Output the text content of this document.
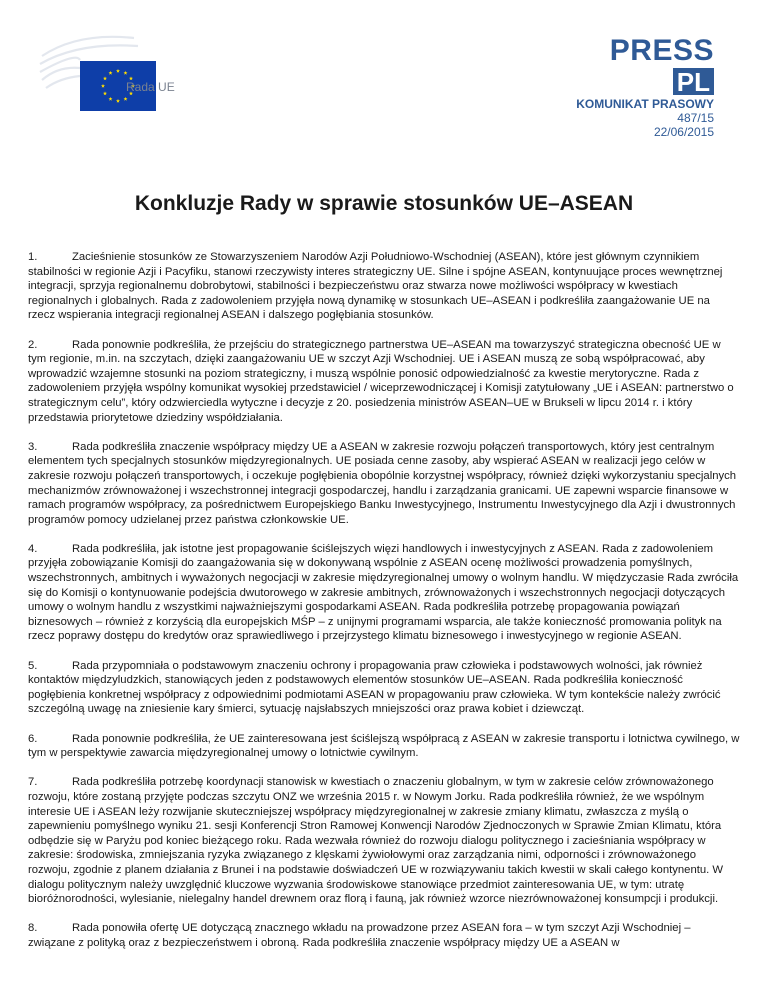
Rada UE
PRESS
PL
KOMUNIKAT PRASOWY
487/15
22/06/2015
Konkluzje Rady w sprawie stosunków UE–ASEAN

1.	Zacieśnienie stosunków ze Stowarzyszeniem Narodów Azji Południowo-Wschodniej (ASEAN), które jest głównym czynnikiem stabilności w regionie Azji i Pacyfiku, stanowi rzeczywisty interes strategiczny UE. Silne i spójne ASEAN, kontynuujące proces wewnętrznej integracji, sprzyja regionalnemu dobrobytowi, stabilności i bezpieczeństwu oraz stwarza nowe możliwości współpracy w kwestiach regionalnych i globalnych. Rada z zadowoleniem przyjęła nową dynamikę w stosunkach UE–ASEAN i podkreśliła zaangażowanie UE na rzecz wspierania integracji regionalnej ASEAN i dalszego pogłębiania stosunków.

2.	Rada ponownie podkreśliła, że przejściu do strategicznego partnerstwa UE–ASEAN ma towarzyszyć strategiczna obecność UE w tym regionie, m.in. na szczytach, dzięki zaangażowaniu UE w szczyt Azji Wschodniej. UE i ASEAN muszą ze sobą współpracować, aby wprowadzić wzajemne stosunki na poziom strategiczny, i muszą wspólnie ponosić odpowiedzialność za kwestie merytoryczne. Rada z zadowoleniem przyjęła wspólny komunikat wysokiej przedstawiciel / wiceprzewodniczącej i Komisji zatytułowany „UE i ASEAN: partnerstwo o strategicznym celu”, który odzwierciedla wytyczne i decyzje z 20. posiedzenia ministrów ASEAN–UE w Brukseli w lipcu 2014 r. i który przedstawia priorytetowe dziedziny współdziałania.

3.	Rada podkreśliła znaczenie współpracy między UE a ASEAN w zakresie rozwoju połączeń transportowych, który jest centralnym elementem tych specjalnych stosunków międzyregionalnych. UE posiada cenne zasoby, aby wspierać ASEAN w realizacji jego celów w zakresie rozwoju połączeń transportowych, i oczekuje pogłębienia obopólnie korzystnej współpracy, również dzięki wykorzystaniu specjalnych mechanizmów zrównoważonej i wszechstronnej integracji gospodarczej, handlu i zarządzania granicami. UE zapewni wsparcie finansowe w ramach programów współpracy, za pośrednictwem Europejskiego Banku Inwestycyjnego, Instrumentu Inwestycyjnego dla Azji i dwustronnych programów pomocy udzielanej przez państwa członkowskie UE.

4.	Rada podkreśliła, jak istotne jest propagowanie ściślejszych więzi handlowych i inwestycyjnych z ASEAN. Rada z zadowoleniem przyjęła zobowiązanie Komisji do zaangażowania się w dokonywaną wspólnie z ASEAN ocenę możliwości prowadzenia pomyślnych, wszechstronnych, ambitnych i wyważonych negocjacji w zakresie międzyregionalnej umowy o wolnym handlu. W międzyczasie Rada zwróciła się do Komisji o kontynuowanie podejścia dwutorowego w zakresie ambitnych, zrównoważonych i wszechstronnych negocjacji dotyczących umowy o wolnym handlu z wszystkimi najważniejszymi gospodarkami ASEAN. Rada podkreśliła potrzebę propagowania powiązań biznesowych – również z korzyścią dla europejskich MŚP – z unijnymi programami wsparcia, ale także konieczność promowania polityk na rzecz poprawy dostępu do kredytów oraz sprawiedliwego i przejrzystego klimatu biznesowego i inwestycyjnego w regionie ASEAN.

5.	Rada przypomniała o podstawowym znaczeniu ochrony i propagowania praw człowieka i podstawowych wolności, jak również kontaktów międzyludzkich, stanowiących jeden z podstawowych elementów stosunków UE–ASEAN. Rada podkreśliła konieczność pogłębienia konkretnej współpracy z odpowiednimi podmiotami ASEAN w propagowaniu praw człowieka. W tym kontekście należy zwrócić szczególną uwagę na zniesienie kary śmierci, sytuację najsłabszych mniejszości oraz prawa kobiet i dziewcząt.

6.	Rada ponownie podkreśliła, że UE zainteresowana jest ściślejszą współpracą z ASEAN w zakresie transportu i lotnictwa cywilnego, w tym w perspektywie zawarcia międzyregionalnej umowy o lotnictwie cywilnym.

7.	Rada podkreśliła potrzebę koordynacji stanowisk w kwestiach o znaczeniu globalnym, w tym w zakresie celów zrównoważonego rozwoju, które zostaną przyjęte podczas szczytu ONZ we września 2015 r. w Nowym Jorku. Rada podkreśliła również, że we wspólnym interesie UE i ASEAN leży rozwijanie skuteczniejszej współpracy międzyregionalnej w zakresie zmiany klimatu, zwłaszcza z myślą o zapewnieniu pomyślnego wyniku 21. sesji Konferencji Stron Ramowej Konwencji Narodów Zjednoczonych w Sprawie Zmian Klimatu, która odbędzie się w Paryżu pod koniec bieżącego roku. Rada wezwała również do rozwoju dialogu politycznego i zacieśniania współpracy w zakresie: środowiska, zmniejszania ryzyka związanego z klęskami żywiołowymi oraz zarządzania nimi, odporności i zrównoważonego rozwoju, zgodnie z planem działania z Brunei i na podstawie doświadczeń UE w rozwiązywaniu takich kwestii w skali całego kontynentu. W dialogu politycznym należy uwzględnić kluczowe wyzwania środowiskowe stanowiące przedmiot zainteresowania UE, w tym: utratę bioróżnorodności, wylesianie, nielegalny handel drewnem oraz florą i fauną, jak również wzorce niezrównoważonej konsumpcji i produkcji.

8.	Rada ponowiła ofertę UE dotyczącą znacznego wkładu na prowadzone przez ASEAN fora – w tym szczyt Azji Wschodniej – związane z polityką oraz z bezpieczeństwem i obroną. Rada podkreśliła znaczenie współpracy między UE a ASEAN w
